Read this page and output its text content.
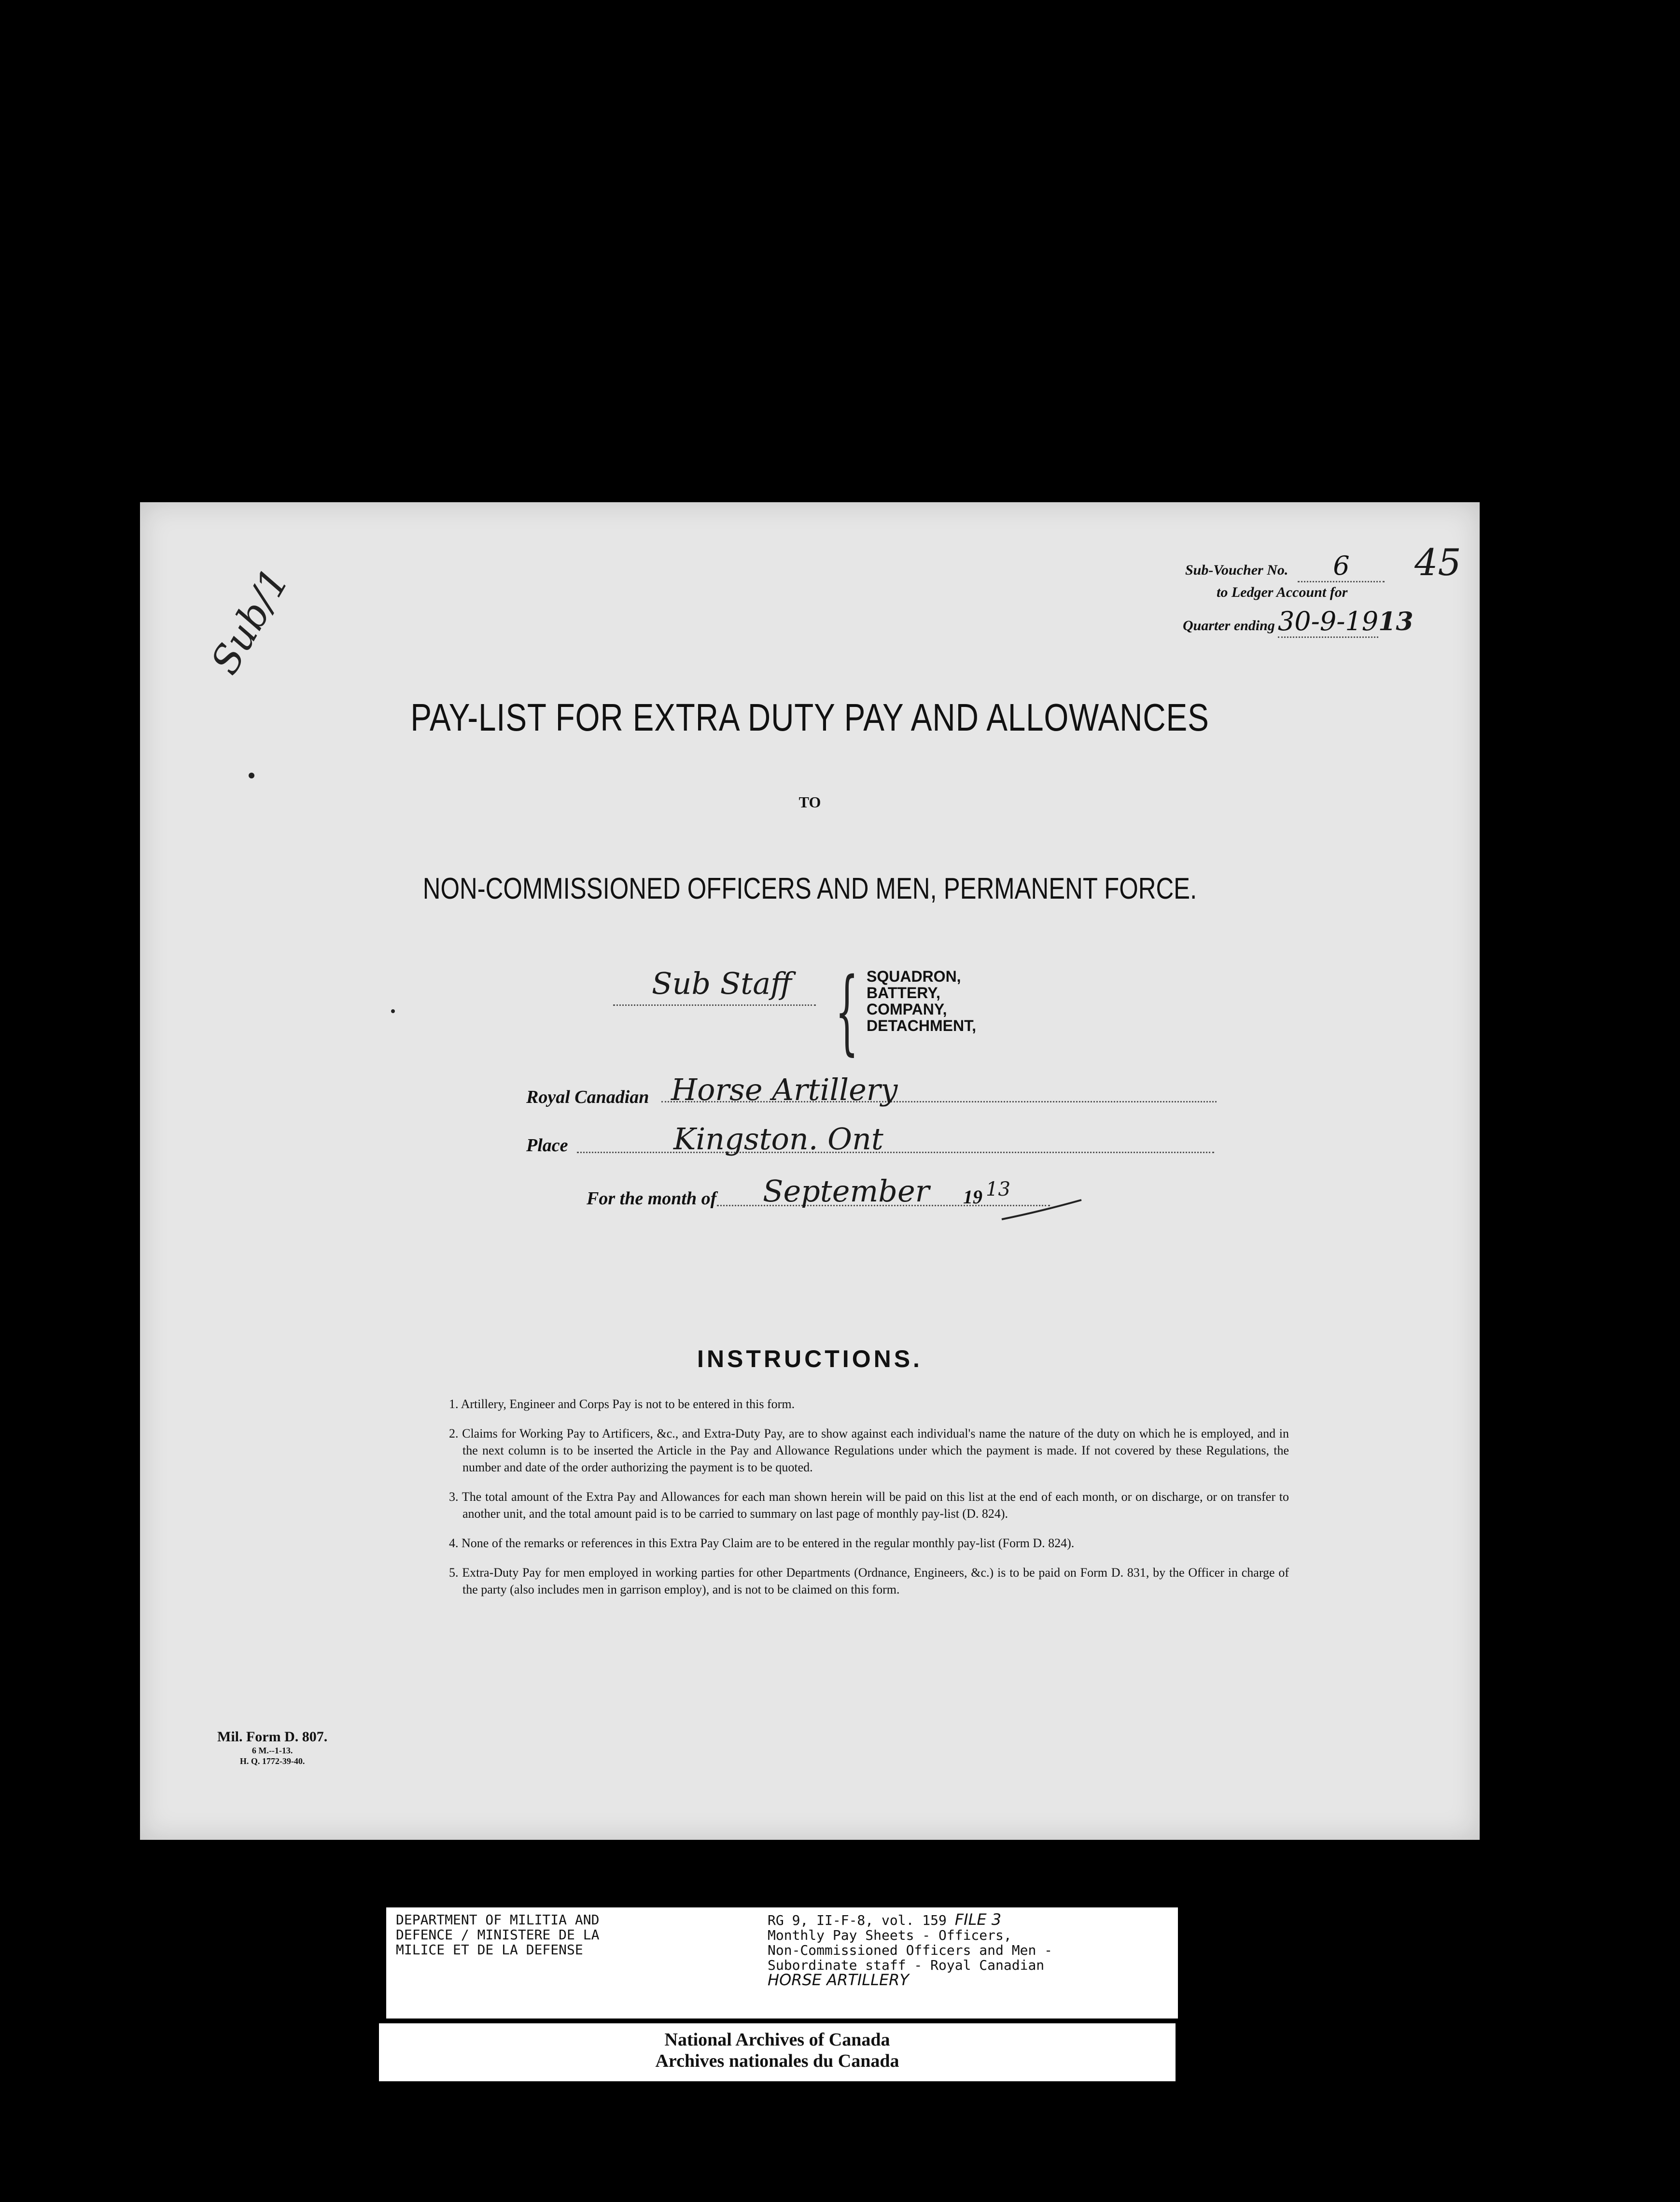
Sub/1	Sub-Voucher No. 6
to Ledger Account for
Quarter ending 30-9-1913
45
PAY-LIST FOR EXTRA DUTY PAY AND ALLOWANCES
TO
NON-COMMISSIONED OFFICERS AND MEN, PERMANENT FORCE.
Sub Staff { SQUADRON,
BATTERY,
COMPANY,
DETACHMENT,
Royal Canadian Horse Artillery
Place	Kingston. Ont
For the month of September 19 13
INSTRUCTIONS.
1. Artillery, Engineer and Corps Pay is not to be entered in this form.
2. Claims for Working Pay to Artificers, &c., and Extra-Duty Pay, are to show against each individual's name the nature of the duty on which he is employed, and in the next column is to be inserted the Article in the Pay and Allowance Regulations under which the payment is made. If not covered by these Regulations, the number and date of the order authorizing the payment is to be quoted.
3. The total amount of the Extra Pay and Allowances for each man shown herein will be paid on this list at the end of each month, or on discharge, or on transfer to another unit, and the total amount paid is to be carried to summary on last page of monthly pay-list (D. 824).
4. None of the remarks or references in this Extra Pay Claim are to be entered in the regular monthly pay-list (Form D. 824).
5. Extra-Duty Pay for men employed in working parties for other Departments (Ordnance, Engineers, &c.) is to be paid on Form D. 831, by the Officer in charge of the party (also includes men in garrison employ), and is not to be claimed on this form.
Mil. Form D. 807.
6 M.--1-13.
H. Q. 1772-39-40.
DEPARTMENT OF MILITIA AND
DEFENCE / MINISTERE DE LA
MILICE ET DE LA DEFENSE
RG 9, II-F-8, vol. 159 FILE 3
Monthly Pay Sheets - Officers,
Non-Commissioned Officers and Men -
Subordinate staff - Royal Canadian
HORSE ARTILLERY
National Archives of Canada
Archives nationales du Canada
